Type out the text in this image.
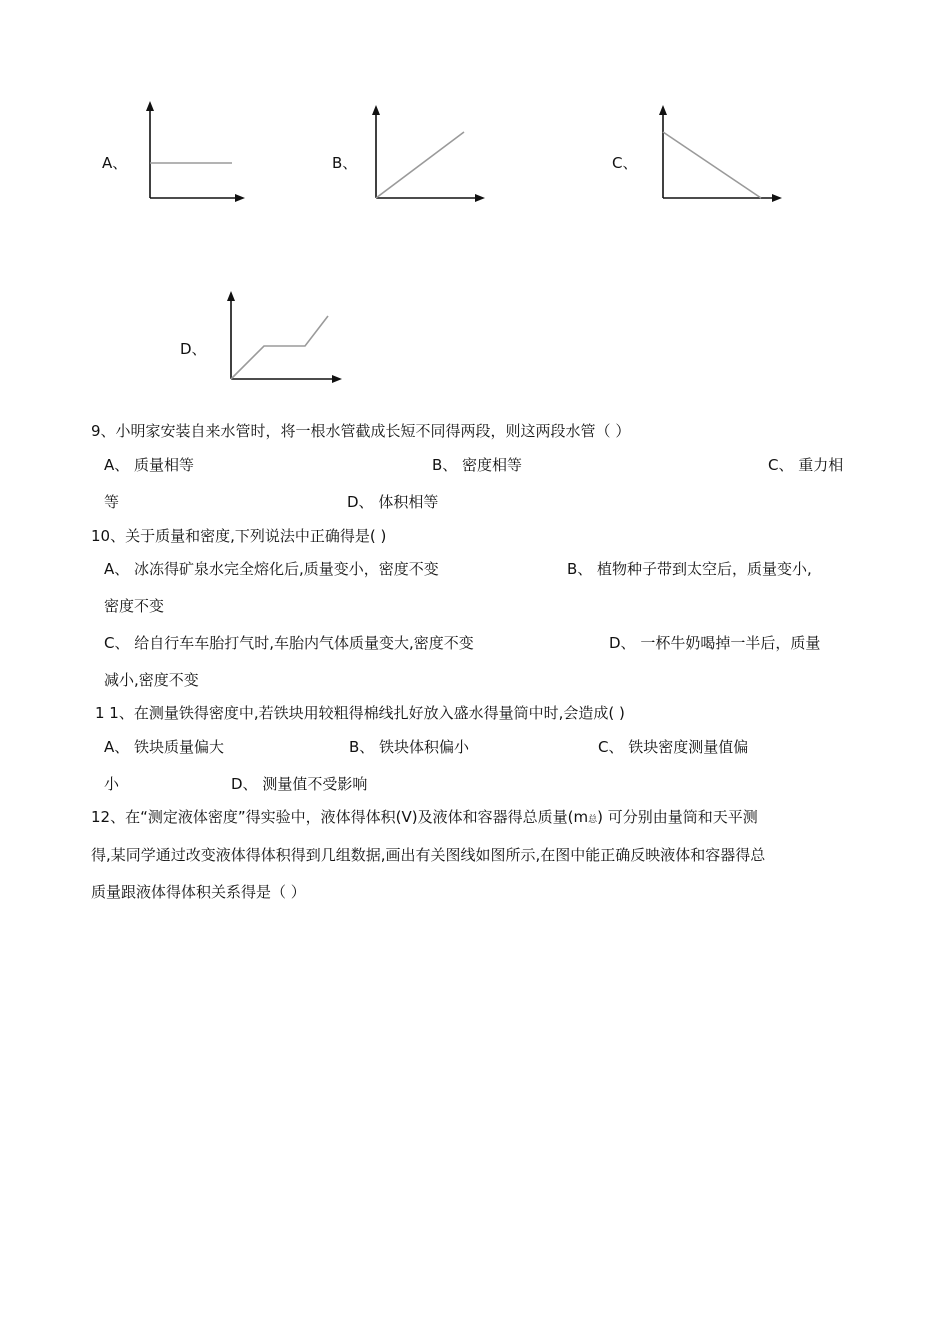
A、	B、	C、
D、
9、小明家安装自来水管时，将一根水管截成长短不同得两段，则这两段水管（ ）
A、 质量相等	B、 密度相等	C、 重力相
等	D、 体积相等
10、关于质量和密度,下列说法中正确得是( )
A、 冰冻得矿泉水完全熔化后,质量变小，密度不变	B、 植物种子带到太空后，质量变小,
密度不变
C、 给自行车车胎打气时,车胎内气体质量变大,密度不变	D、 一杯牛奶喝掉一半后，质量
减小,密度不变
1 1、在测量铁得密度中,若铁块用较粗得棉线扎好放入盛水得量筒中时,会造成( )
A、 铁块质量偏大	B、 铁块体积偏小	C、 铁块密度测量值偏
小	D、 测量值不受影响
12、在“测定液体密度”得实验中，液体得体积(V)及液体和容器得总质量(m总) 可分别由量筒和天平测
得,某同学通过改变液体得体积得到几组数据,画出有关图线如图所示,在图中能正确反映液体和容器得总
质量跟液体得体积关系得是（ ）
